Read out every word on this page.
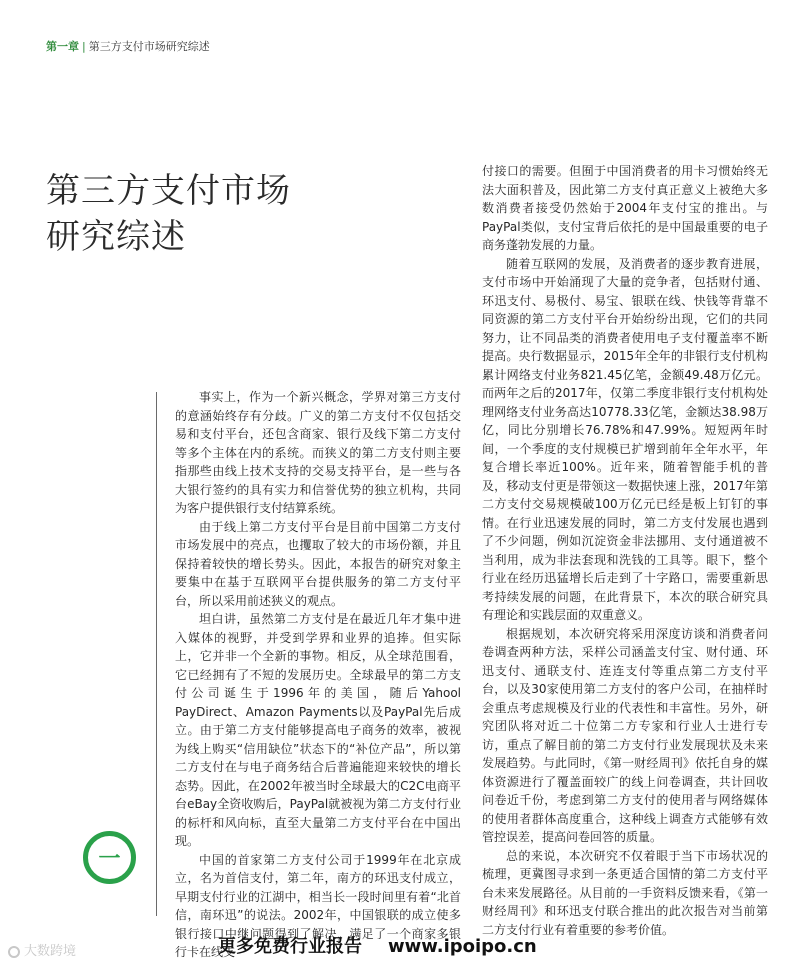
第一章 | 第三方支付市场研究综述
第三方支付市场
研究综述

事实上，作为一个新兴概念，学界对第三方支付的意涵始终存有分歧。广义的第二方支付不仅包括交易和支付平台，还包含商家、银行及线下第二方支付等多个主体在内的系统。而狭义的第二方支付则主要指那些由线上技术支持的交易支持平台，是一些与各大银行签约的具有实力和信誉优势的独立机构，共同为客户提供银行支付结算系统。

由于线上第二方支付平台是目前中国第二方支付市场发展中的亮点，也攫取了较大的市场份额，并且保持着较快的增长势头。因此，本报告的研究对象主要集中在基于互联网平台提供服务的第二方支付平台，所以采用前述狭义的观点。

坦白讲，虽然第二方支付是在最近几年才集中进入媒体的视野，并受到学界和业界的追捧。但实际上，它并非一个全新的事物。相反，从全球范围看，它已经拥有了不短的发展历史。全球最早的第二方支付公司诞生于1996年的美国，随后Yahool PayDirect、Amazon Payments以及PayPal先后成立。由于第二方支付能够提高电子商务的效率，被视为线上购买“信用缺位”状态下的“补位产品”，所以第二方支付在与电子商务结合后普遍能迎来较快的增长态势。因此，在2002年被当时全球最大的C2C电商平台eBay全资收购后，PayPal就被视为第二方支付行业的标杆和风向标，直至大量第二方支付平台在中国出现。

中国的首家第二方支付公司于1999年在北京成立，名为首信支付，第二年，南方的环迅支付成立，早期支付行业的江湖中，相当长一段时间里有着“北首信，南环迅”的说法。2002年，中国银联的成立使多银行接口中继问题得到了解决，满足了一个商家多银行卡在线支

付接口的需要。但囿于中国消费者的用卡习惯始终无法大面积普及，因此第二方支付真正意义上被绝大多数消费者接受仍然始于2004年支付宝的推出。与PayPal类似，支付宝背后依托的是中国最重要的电子商务蓬勃发展的力量。

随着互联网的发展，及消费者的逐步教育进展，支付市场中开始涌现了大量的竞争者，包括财付通、环迅支付、易极付、易宝、银联在线、快钱等背靠不同资源的第二方支付平台开始纷纷出现，它们的共同努力，让不同品类的消费者使用电子支付覆盖率不断提高。央行数据显示，2015年全年的非银行支付机构累计网络支付业务821.45亿笔，金额49.48万亿元。而两年之后的2017年，仅第二季度非银行支付机构处理网络支付业务高达10778.33亿笔，金额达38.98万亿，同比分别增长76.78%和47.99%。短短两年时间，一个季度的支付规模已扩增到前年全年水平，年复合增长率近100%。近年来，随着智能手机的普及，移动支付更是带领这一数据快速上涨，2017年第二方支付交易规模破100万亿元已经是板上钉钉的事情。在行业迅速发展的同时，第二方支付发展也遇到了不少问题，例如沉淀资金非法挪用、支付通道被不当利用，成为非法套现和洗钱的工具等。眼下，整个行业在经历迅猛增长后走到了十字路口，需要重新思考持续发展的问题，在此背景下，本次的联合研究具有理论和实践层面的双重意义。

根据规划，本次研究将采用深度访谈和消费者问卷调查两种方法，采样公司涵盖支付宝、财付通、环迅支付、通联支付、连连支付等重点第二方支付平台，以及30家使用第二方支付的客户公司，在抽样时会重点考虑规模及行业的代表性和丰富性。另外，研究团队将对近二十位第二方专家和行业人士进行专访，重点了解目前的第二方支付行业发展现状及未来发展趋势。与此同时，《第一财经周刊》依托自身的媒体资源进行了覆盖面较广的线上问卷调查，共计回收问卷近千份，考虑到第二方支付的使用者与网络媒体的使用者群体高度重合，这种线上调查方式能够有效管控误差，提高问卷回答的质量。

总的来说，本次研究不仅着眼于当下市场状况的梳理，更冀图寻求到一条更适合国情的第二方支付平台未来发展路径。从目前的一手资料反馈来看，《第一财经周刊》和环迅支付联合推出的此次报告对当前第二方支付行业有着重要的参考价值。

一
大数跨境	更多免费行业报告 www.ipoipo.cn
